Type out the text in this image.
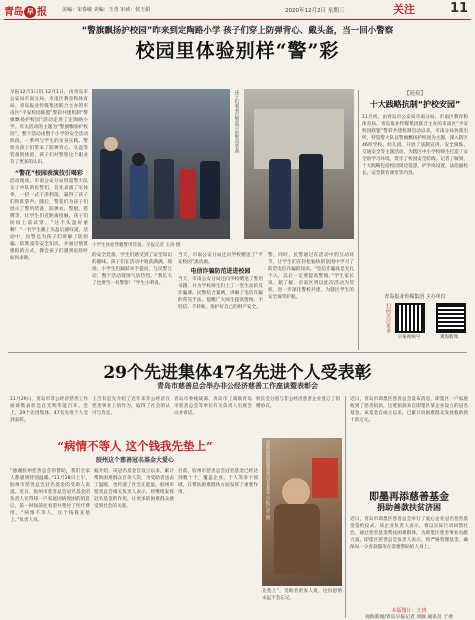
青岛 早 报	美编：宋春敏 美编：王青 审读：侯玉娟	2020年12月2日 星期三	关注	11
“警旗飘扬护校园”昨来到定陶路小学 孩子们穿上防弹背心、戴头盔，当一回小警察
校园里体验别样“警”彩
早报12月1日讯 12月1日，由青岛市公安局市南分局、市南区教育和体育局、青岛报业传媒集团联合主办的市南区“平安校园联盟”警彩共建机制“警旗飘扬护校园”活动走进了定陶路小学。有关活动的主题为“警旗飘扬护校园”，整个活动由整个小学的安全活动阶段，一系列与学生的亲身实践。警察为孩子们带来了防弹背心、头盔等装备的体验，孩子们对警察这个职业有了更多的认识。
“警花”校园表演技引喝彩
活动现场，市南公安分局特巡警大队女子中队的民警们，首先表演了军体拳，一招一式干净利落，赢得了孩子们阵阵掌声。随后，警花们为孩子们展示了警用装备，防弹衣、警棍、盾牌等，让学生们近距离接触，孩子们纷纷上前试穿。“这个头盔好重啊！”一名学生戴上头盔后感叹道。活动中，民警还为孩子们讲解了防拐骗、防欺凌等安全知识，并通过情景模拟的方式，教会孩子们遇到危险时如何求助。
孩子们观看民警展示的警用装备
小学生体验穿戴警用装备。早报记者 王涛 摄
的安全装备，学生们感受到了安全知识的趣味。孩子们在活动中收获满满。现场，小学生们踊跃举手提问，与民警互动，整个活动现场气氛热烈。“我长大了也要当一名警察！”学生小明说。
当天，市南公安分局还向学校赠送了“平安校园”流动旗。
电信诈骗防范进进校园
当天，市南公安分局还向学校赠送了警用书籍，并为学校师生们上了一堂生动的反诈骗课。民警结合案例，讲解了电信诈骗的常见手法，提醒广大师生提高警惕，不轻信、不转账，保护好自己的财产安全。
警，同时，民警通过在活动中的互动环节，让学生们在轻松愉快的氛围中学习了防范电信诈骗的知识。“电信诈骗真是无孔不入，以后一定要提高警惕。”学生家长说。据了解，市南区将以此次活动为契机，进一步深化警校共建，为辖区学生的安全保驾护航。
【链接】
十大践略抗制“护校安园”
11月初，由青岛市公安局市南分局、市南区教育和体育局、青岛报业传媒集团联合主办的市南区“平安校园联盟”警彩共建机制启动以来，市南分局各派出所，特巡警大队以警旗飘扬护校园为主题，深入辖区46所学校、幼儿园，开展了法制宣讲、安全演练、交通安全等主题活动，为辖区中小学校师生打造了安全的学习环境，筑牢了校园安全防线。记者了解到，十大践略包括校园周边巡逻、护学岗设置、法治副校长、安全教育课堂等内容。
青岛报业传媒集团 主办单位
扫码关注更多
早报视频号	观海新闻
29个先进集体47名先进个人受表彰
青岛市慈善总会举办非公经济慈善工作座谈暨表彰会
11月29日，青岛市非公经济慈善工作座谈暨表彰会在光明华能召开。会上，29个先进集体、47名先进个人受到表彰。
王吉有是先介绍了近年来非公经济在慈善事业上的作为，取得了社会的认可与肯定。
青岛市委统战部、青岛市工商联青岛市慈善总会等单位有关负责人出席会议并讲话。
校长会分别与非公经济慈善企业签订了捐赠协议。
“病情不等人 这个钱我先垫上”
胶州这个慈善冠名基金大爱心
“感谢胶州慈善总会的帮助，我们全家人都感到特别温暖。”11月28日上午，胶州市慈善总会冠名基金的受助人说道。近日，胶州市慈善总会冠名基金的负责人在得知一户家庭因病致困的消息后，第一时间前往看望并垫付了医疗费用。“病情不等人，这个钱我先垫上。”负责人说。
据介绍，该冠名基金自设立以来，累计帮助困难群众百余人次，为受助者送去了温暖，也传递了社会正能量。胶州市慈善总会相关负责人表示，将继续发挥冠名基金的作用，让更多的困难群众感受到社会的关爱。
目前，胶州市慈善总会冠名基金已经达到数十个，覆盖企业、个人等多个领域，在帮扶困难群体方面发挥了重要作用。	受助家庭感谢慈善冠名基金 早报记者 摄
先垫上”，受助者的家人说，这份恩情永远不会忘记。
近日，青岛市即墨区慈善总会发布消息，即墨区一户家庭收到了慈善捐款，这笔捐款来自即墨区某企业设立的冠名基金。该基金自成立以来，已累计向困难群众发放救助款十余万元。
即墨再添慈善基金
捐助善款扶贫济困
近日，青岛市即墨区慈善总会举行了爱心企业冠名慈善基金签约仪式。该企业负责人表示，将以实际行动回馈社会，通过慈善基金帮扶困难群体，为即墨区慈善事业贡献力量。即墨区慈善总会负责人表示，将严格管理基金，确保每一分善款都用在需要帮助的人身上。
本版图片：王涛
观海新闻/青岛早报记者 刘敏 通讯员 于倩
